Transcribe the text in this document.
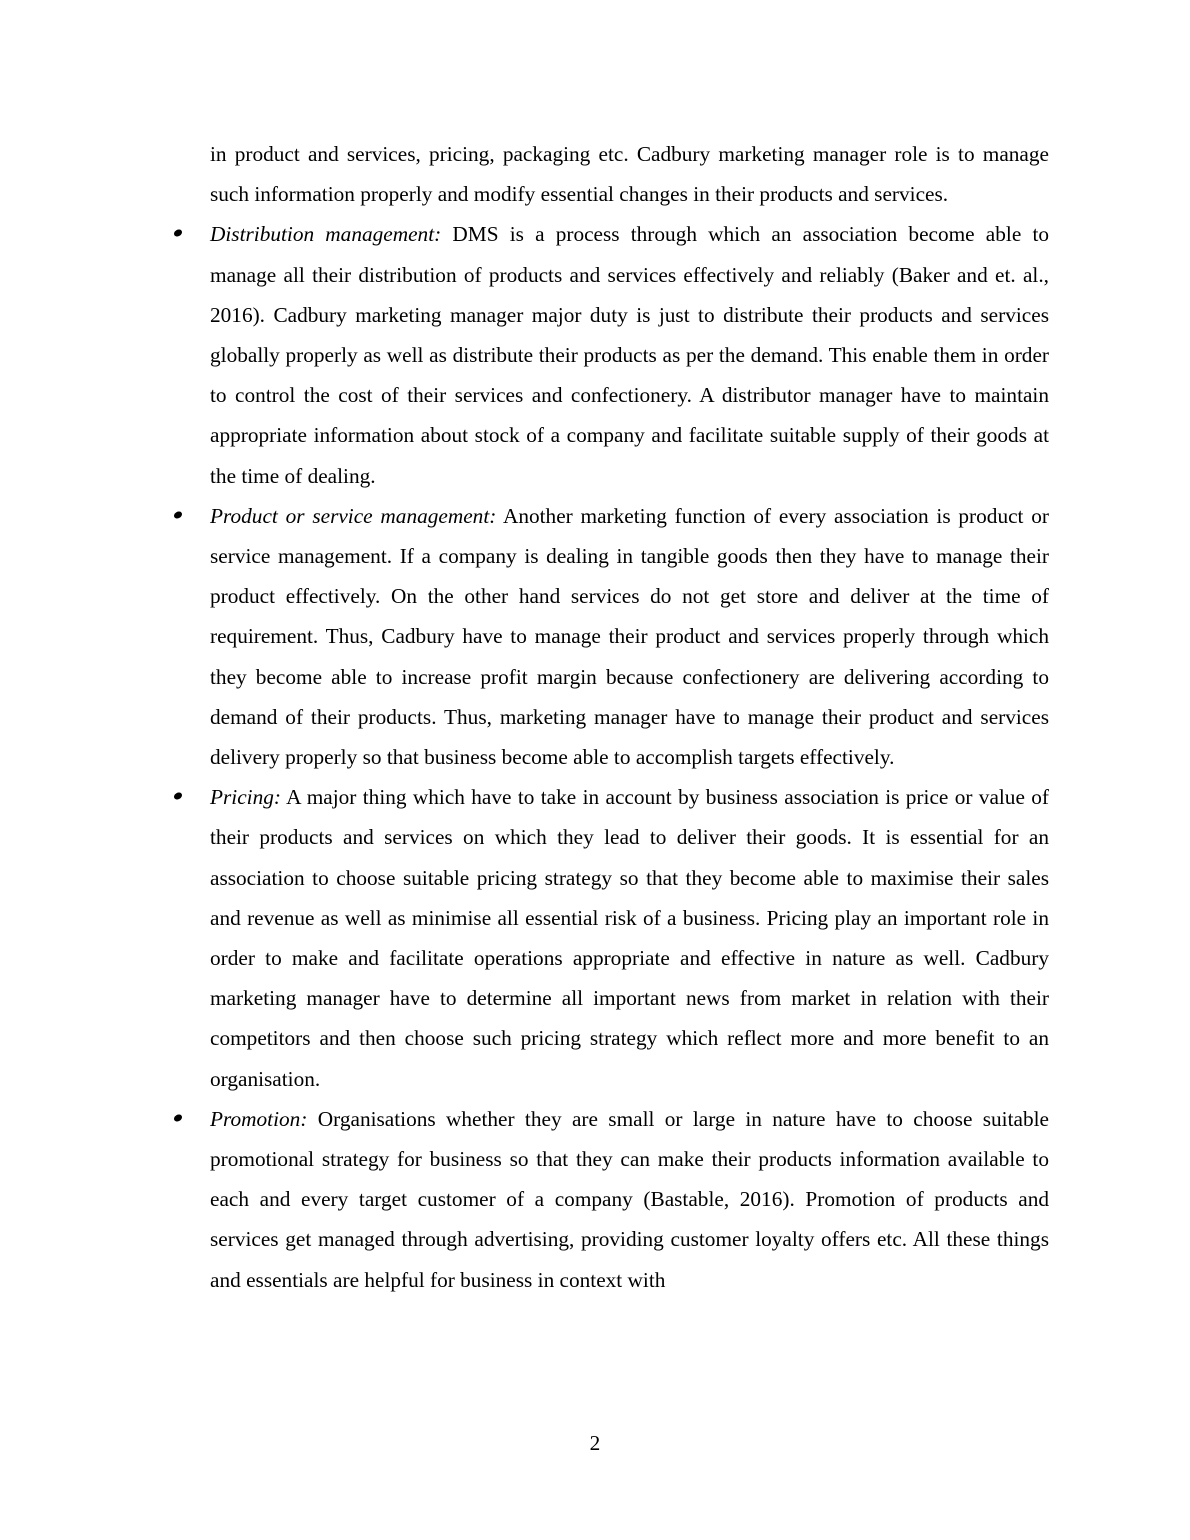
in product and services, pricing, packaging etc. Cadbury marketing manager role is to manage such information properly and modify essential changes in their products and services.

Distribution management: DMS is a process through which an association become able to manage all their distribution of products and services effectively and reliably (Baker and et. al., 2016). Cadbury marketing manager major duty is just to distribute their products and services globally properly as well as distribute their products as per the demand. This enable them in order to control the cost of their services and confectionery. A distributor manager have to maintain appropriate information about stock of a company and facilitate suitable supply of their goods at the time of dealing.

Product or service management: Another marketing function of every association is product or service management. If a company is dealing in tangible goods then they have to manage their product effectively. On the other hand services do not get store and deliver at the time of requirement. Thus, Cadbury have to manage their product and services properly through which they become able to increase profit margin because confectionery are delivering according to demand of their products. Thus, marketing manager have to manage their product and services delivery properly so that business become able to accomplish targets effectively.

Pricing: A major thing which have to take in account by business association is price or value of their products and services on which they lead to deliver their goods. It is essential for an association to choose suitable pricing strategy so that they become able to maximise their sales and revenue as well as minimise all essential risk of a business. Pricing play an important role in order to make and facilitate operations appropriate and effective in nature as well. Cadbury marketing manager have to determine all important news from market in relation with their competitors and then choose such pricing strategy which reflect more and more benefit to an organisation.

Promotion: Organisations whether they are small or large in nature have to choose suitable promotional strategy for business so that they can make their products information available to each and every target customer of a company (Bastable, 2016). Promotion of products and services get managed through advertising, providing customer loyalty offers etc. All these things and essentials are helpful for business in context with

2
